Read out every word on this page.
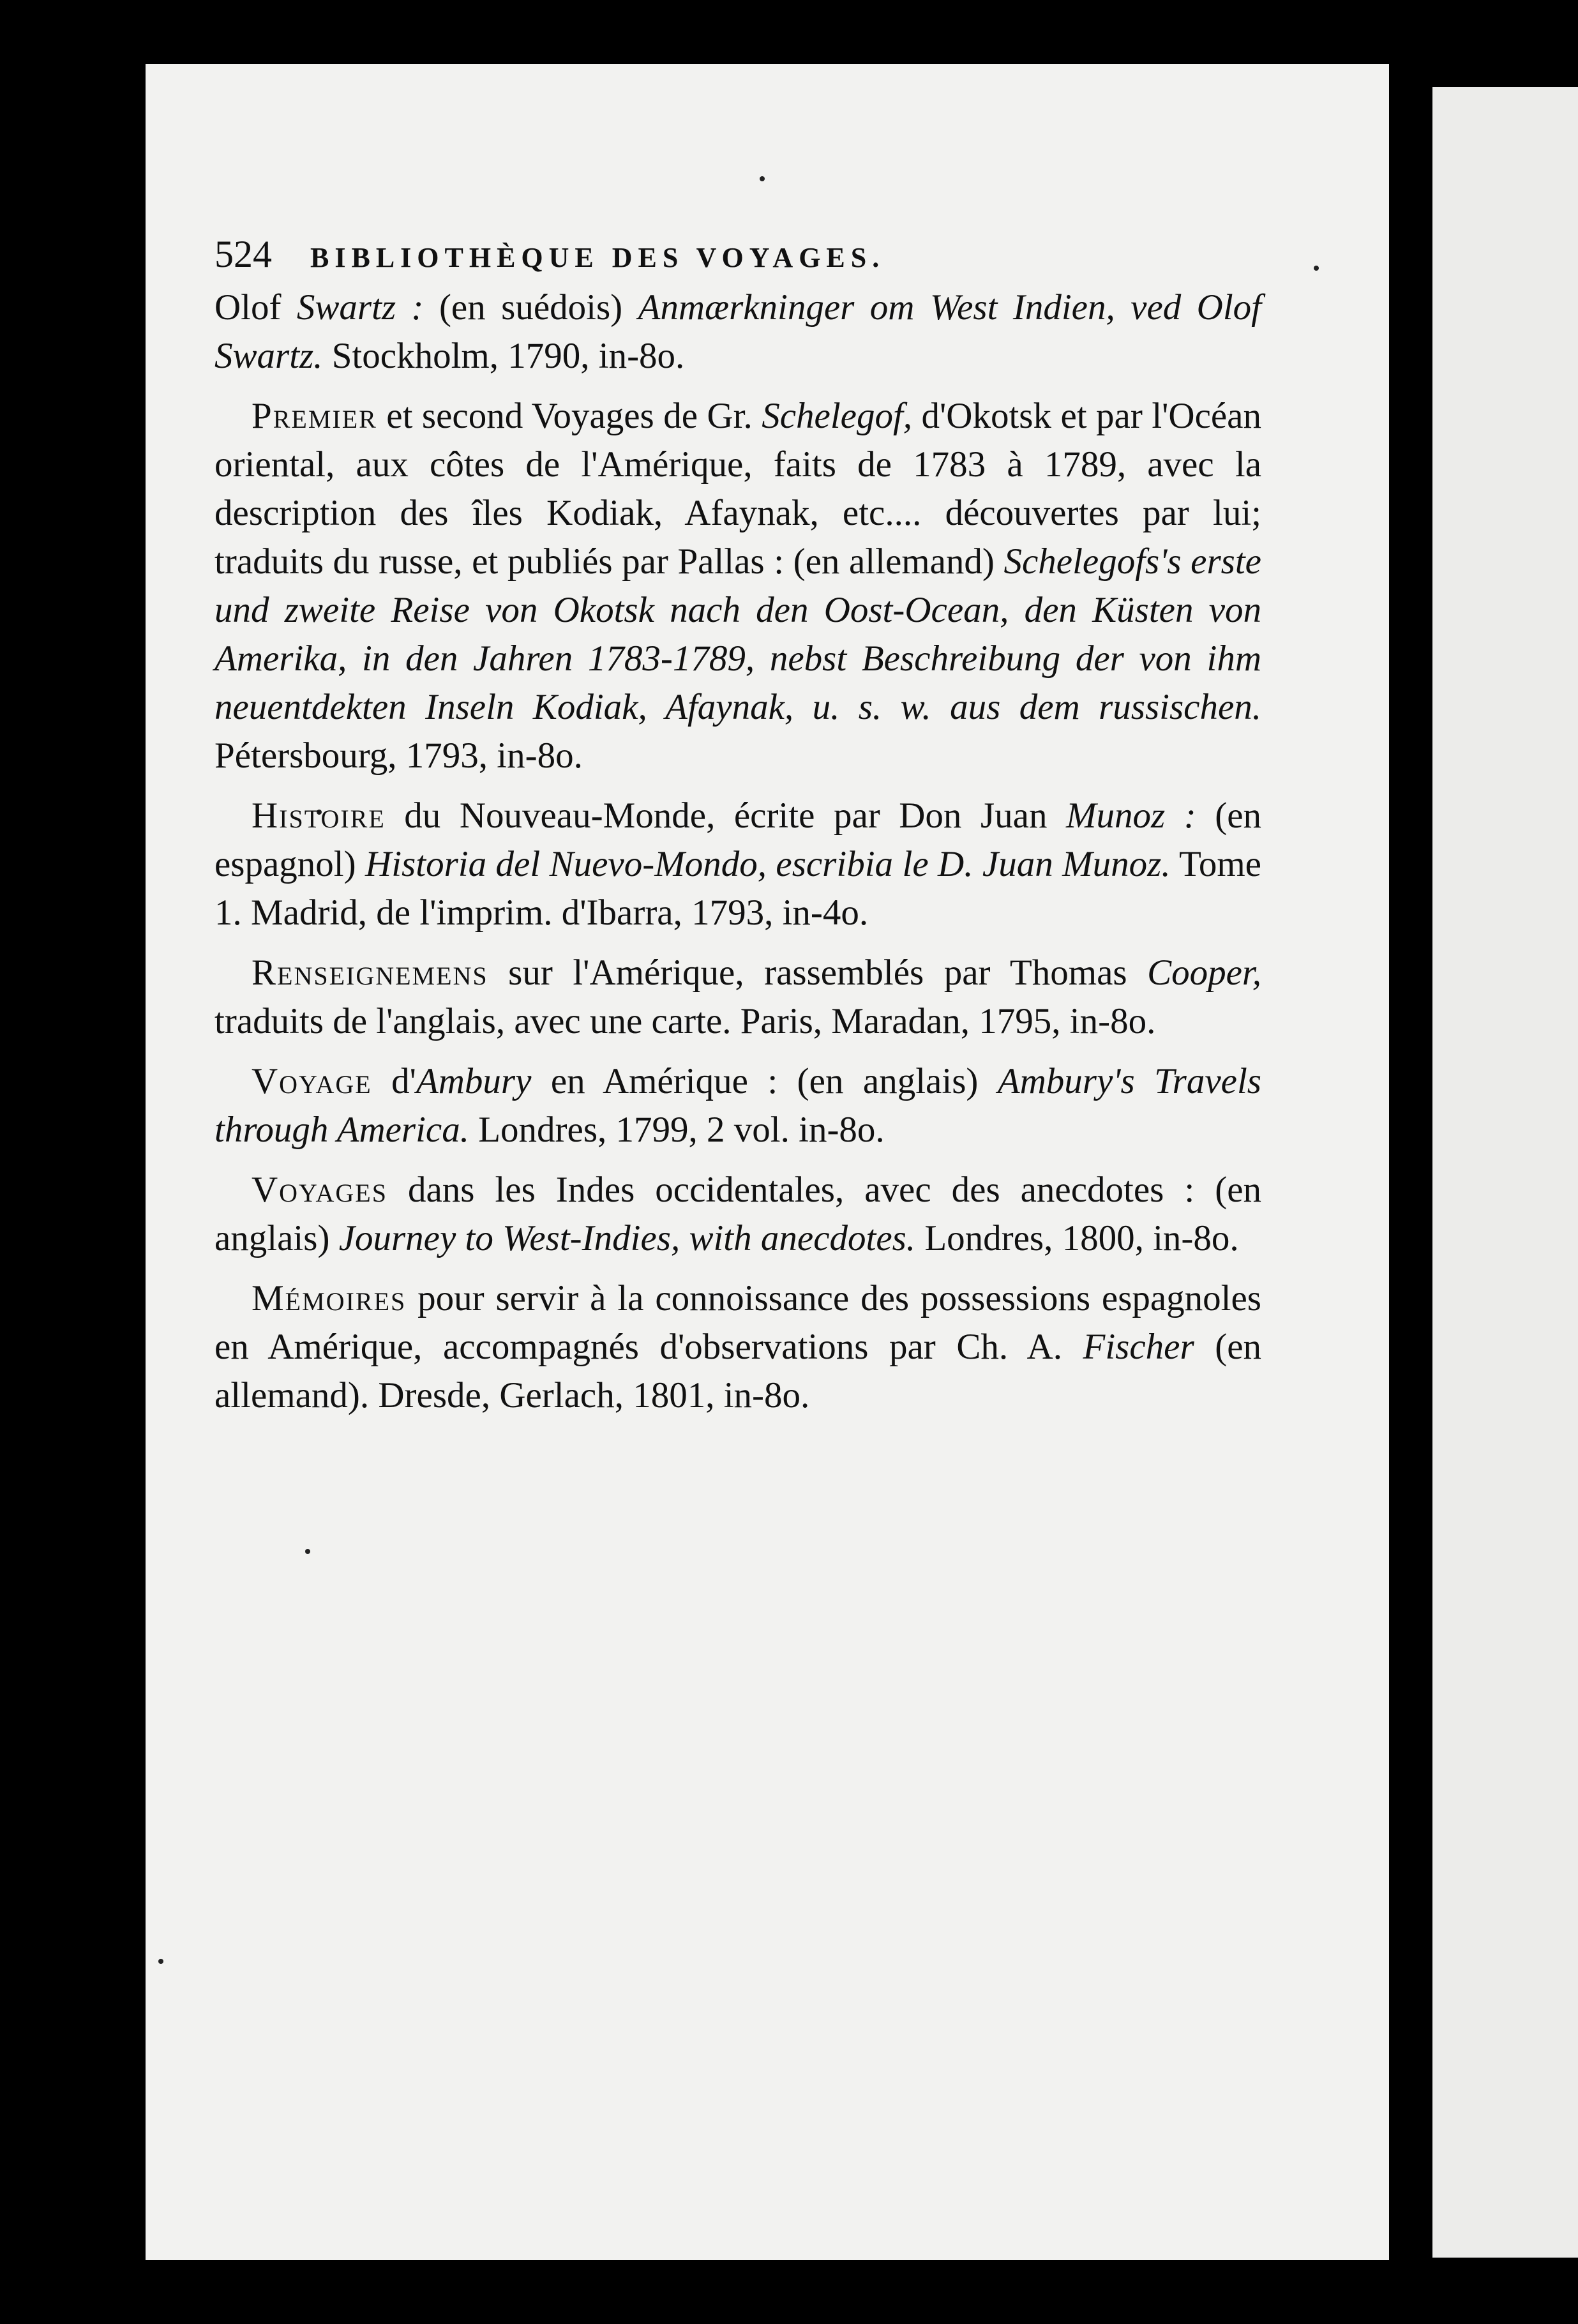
524 BIBLIOTHÈQUE DES VOYAGES.

Olof Swartz : (en suédois) Anmærkninger om West Indien, ved Olof Swartz. Stockholm, 1790, in-8o.

Premier et second Voyages de Gr. Schelegof, d'Okotsk et par l'Océan oriental, aux côtes de l'Amérique, faits de 1783 à 1789, avec la description des îles Kodiak, Afaynak, etc.... découvertes par lui; traduits du russe, et publiés par Pallas : (en allemand) Schelegofs's erste und zweite Reise von Okotsk nach den Oost-Ocean, den Küsten von Amerika, in den Jahren 1783-1789, nebst Beschreibung der von ihm neuentdekten Inseln Kodiak, Afaynak, u. s. w. aus dem russischen. Pétersbourg, 1793, in-8o.

Histoire du Nouveau-Monde, écrite par Don Juan Munoz : (en espagnol) Historia del Nuevo-Mondo, escribia le D. Juan Munoz. Tome 1. Madrid, de l'imprim. d'Ibarra, 1793, in-4o.

Renseignemens sur l'Amérique, rassemblés par Thomas Cooper, traduits de l'anglais, avec une carte. Paris, Maradan, 1795, in-8o.

Voyage d'Ambury en Amérique : (en anglais) Ambury's Travels through America. Londres, 1799, 2 vol. in-8o.

Voyages dans les Indes occidentales, avec des anecdotes : (en anglais) Journey to West-Indies, with anecdotes. Londres, 1800, in-8o.

Mémoires pour servir à la connoissance des possessions espagnoles en Amérique, accompagnés d'observations par Ch. A. Fischer (en allemand). Dresde, Gerlach, 1801, in-8o.
